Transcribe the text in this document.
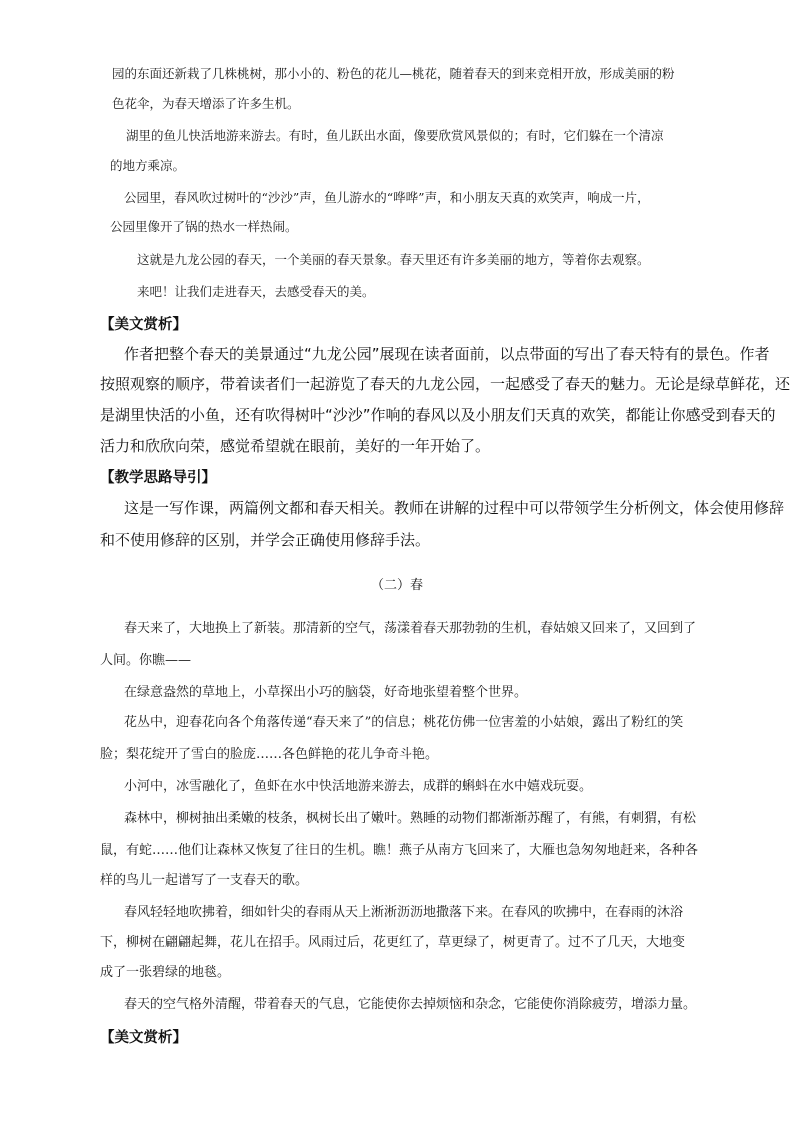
园的东面还新栽了几株桃树，那小小的、粉色的花儿—桃花，随着春天的到来竞相开放，形成美丽的粉

色花伞，为春天增添了许多生机。

湖里的鱼儿快活地游来游去。有时，鱼儿跃出水面，像要欣赏风景似的；有时，它们躲在一个清凉

的地方乘凉。

公园里，春风吹过树叶的“沙沙”声，鱼儿游水的“哗哗”声，和小朋友天真的欢笑声，响成一片，

公园里像开了锅的热水一样热闹。

这就是九龙公园的春天，一个美丽的春天景象。春天里还有许多美丽的地方，等着你去观察。

来吧！让我们走进春天，去感受春天的美。

【美文赏析】

作者把整个春天的美景通过“九龙公园”展现在读者面前，以点带面的写出了春天特有的景色。作者

按照观察的顺序，带着读者们一起游览了春天的九龙公园，一起感受了春天的魅力。无论是绿草鲜花，还

是湖里快活的小鱼，还有吹得树叶“沙沙”作响的春风以及小朋友们天真的欢笑，都能让你感受到春天的

活力和欣欣向荣，感觉希望就在眼前，美好的一年开始了。

【教学思路导引】

这是一写作课，两篇例文都和春天相关。教师在讲解的过程中可以带领学生分析例文，体会使用修辞

和不使用修辞的区别，并学会正确使用修辞手法。

（二）春

春天来了，大地换上了新装。那清新的空气，荡漾着春天那勃勃的生机，春姑娘又回来了，又回到了

人间。你瞧——

在绿意盎然的草地上，小草探出小巧的脑袋，好奇地张望着整个世界。

花丛中，迎春花向各个角落传递“春天来了”的信息；桃花仿佛一位害羞的小姑娘，露出了粉红的笑

脸；梨花绽开了雪白的脸庞……各色鲜艳的花儿争奇斗艳。

小河中，冰雪融化了，鱼虾在水中快活地游来游去，成群的蝌蚪在水中嬉戏玩耍。

森林中，柳树抽出柔嫩的枝条，枫树长出了嫩叶。熟睡的动物们都渐渐苏醒了，有熊，有刺猬，有松

鼠，有蛇……他们让森林又恢复了往日的生机。瞧！燕子从南方飞回来了，大雁也急匆匆地赶来，各种各

样的鸟儿一起谱写了一支春天的歌。

春风轻轻地吹拂着，细如针尖的春雨从天上淅淅沥沥地撒落下来。在春风的吹拂中，在春雨的沐浴

下，柳树在翩翩起舞，花儿在招手。风雨过后，花更红了，草更绿了，树更青了。过不了几天，大地变

成了一张碧绿的地毯。

春天的空气格外清醒，带着春天的气息，它能使你去掉烦恼和杂念，它能使你消除疲劳，增添力量。

【美文赏析】
